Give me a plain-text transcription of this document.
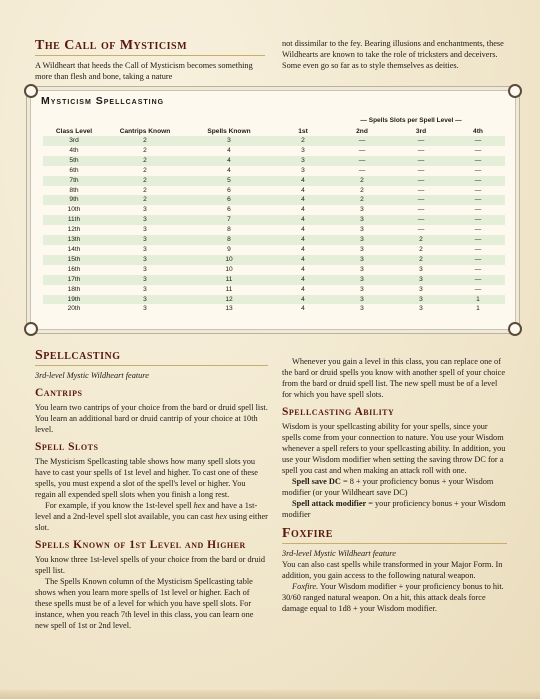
The Call of Mysticism

A Wildheart that heeds the Call of Mysticism becomes something more than flesh and bone, taking a nature

not dissimilar to the fey. Bearing illusions and enchantments, these Wildhearts are known to take the role of tricksters and deceivers. Some even go so far as to style themselves as deities.

Mysticism Spellcasting
— Spells Slots per Spell Level —
Class Level	Cantrips Known	Spells Known	1st	2nd	3rd	4th
3rd	2	3	2	—	—	—
4th	2	4	3	—	—	—
5th	2	4	3	—	—	—
6th	2	4	3	—	—	—
7th	2	5	4	2	—	—
8th	2	6	4	2	—	—
9th	2	6	4	2	—	—
10th	3	6	4	3	—	—
11th	3	7	4	3	—	—
12th	3	8	4	3	—	—
13th	3	8	4	3	2	—
14th	3	9	4	3	2	—
15th	3	10	4	3	2	—
16th	3	10	4	3	3	—
17th	3	11	4	3	3	—
18th	3	11	4	3	3	—
19th	3	12	4	3	3	1
20th	3	13	4	3	3	1
Spellcasting

3rd-level Mystic Wildheart feature

Cantrips

You learn two cantrips of your choice from the bard or druid spell list. You learn an additional bard or druid cantrip of your choice at 10th level.

Spell Slots

The Mysticism Spellcasting table shows how many spell slots you have to cast your spells of 1st level and higher. To cast one of these spells, you must expend a slot of the spell's level or higher. You regain all expended spell slots when you finish a long rest.

For example, if you know the 1st-level spell hex and have a 1st-level and a 2nd-level spell slot available, you can cast hex using either slot.

Spells Known of 1st Level and Higher

You know three 1st-level spells of your choice from the bard or druid spell list.

The Spells Known column of the Mysticism Spellcasting table shows when you learn more spells of 1st level or higher. Each of these spells must be of a level for which you have spell slots. For instance, when you reach 7th level in this class, you can learn one new spell of 1st or 2nd level.

Whenever you gain a level in this class, you can replace one of the bard or druid spells you know with another spell of your choice from the bard or druid spell list. The new spell must be of a level for which you have spell slots.

Spellcasting Ability

Wisdom is your spellcasting ability for your spells, since your spells come from your connection to nature. You use your Wisdom whenever a spell refers to your spellcasting ability. In addition, you use your Wisdom modifier when setting the saving throw DC for a spell you cast and when making an attack roll with one.

Spell save DC = 8 + your proficiency bonus + your Wisdom modifier (or your Wildheart save DC)

Spell attack modifier = your proficiency bonus + your Wisdom modifier

Foxfire

3rd-level Mystic Wildheart feature

You can also cast spells while transformed in your Major Form. In addition, you gain access to the following natural weapon.

Foxfire. Your Wisdom modifier + your proficiency bonus to hit. 30/60 ranged natural weapon. On a hit, this attack deals force damage equal to 1d8 + your Wisdom modifier.
